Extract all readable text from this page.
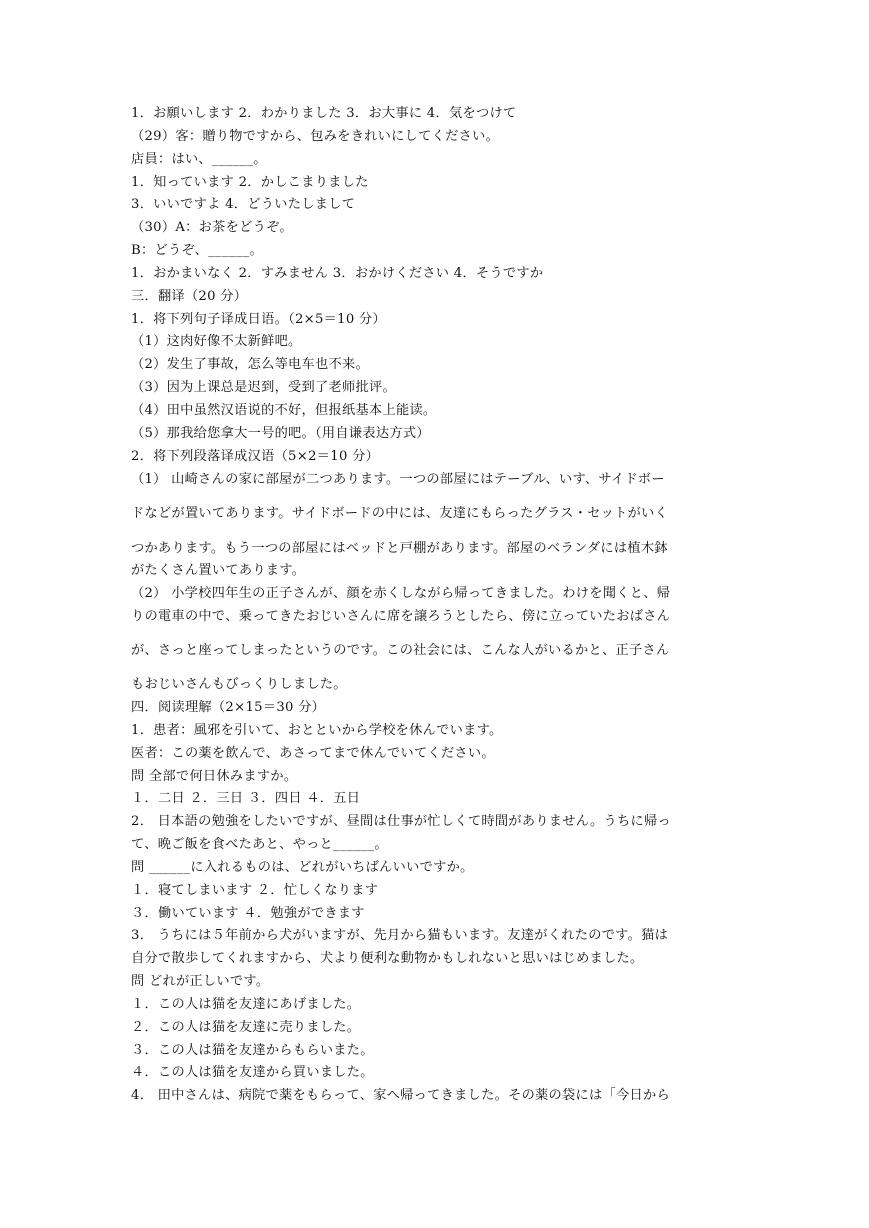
1．お願いします 2．わかりました 3．お大事に 4．気をつけて
（29）客：贈り物ですから、包みをきれいにしてください。
店員：はい、______。
1．知っています 2．かしこまりました
3．いいですよ 4．どういたしまして
（30）A：お茶をどうぞ。
B：どうぞ、______。
1．おかまいなく 2．すみません 3．おかけください 4．そうですか
三．翻译（20 分）
1．将下列句子译成日语。（2×5＝10 分）
（1）这肉好像不太新鲜吧。
（2）发生了事故，怎么等电车也不来。
（3）因为上课总是迟到，受到了老师批评。
（4）田中虽然汉语说的不好，但报纸基本上能读。
（5）那我给您拿大一号的吧。（用自谦表达方式）
2．将下列段落译成汉语（5×2＝10 分）
（1） 山崎さんの家に部屋が二つあります。一つの部屋にはテーブル、いす、サイドボー
ドなどが置いてあります。サイドボードの中には、友達にもらったグラス・セットがいく
つかあります。もう一つの部屋にはベッドと戸棚があります。部屋のベランダには植木鉢
がたくさん置いてあります。
（2） 小学校四年生の正子さんが、顔を赤くしながら帰ってきました。わけを聞くと、帰
りの電車の中で、乗ってきたおじいさんに席を譲ろうとしたら、傍に立っていたおばさん
が、さっと座ってしまったというのです。この社会には、こんな人がいるかと、正子さん
もおじいさんもびっくりしました。
四．阅读理解（2×15＝30 分）
1．患者：風邪を引いて、おとといから学校を休んでいます。
医者：この薬を飲んで、あさってまで休んでいてください。
問 全部で何日休みますか。
１．二日 ２．三日 ３．四日 ４．五日
2． 日本語の勉強をしたいですが、昼間は仕事が忙しくて時間がありません。うちに帰っ
て、晩ご飯を食べたあと、やっと______。
問 ______に入れるものは、どれがいちばんいいですか。
１．寝てしまいます ２．忙しくなります
３．働いています ４．勉強ができます
3． うちには５年前から犬がいますが、先月から猫もいます。友達がくれたのです。猫は
自分で散歩してくれますから、犬より便利な動物かもしれないと思いはじめました。
問 どれが正しいです。
１．この人は猫を友達にあげました。
２．この人は猫を友達に売りました。
３．この人は猫を友達からもらいまた。
４．この人は猫を友達から買いました。
4． 田中さんは、病院で薬をもらって、家へ帰ってきました。その薬の袋には「今日から
